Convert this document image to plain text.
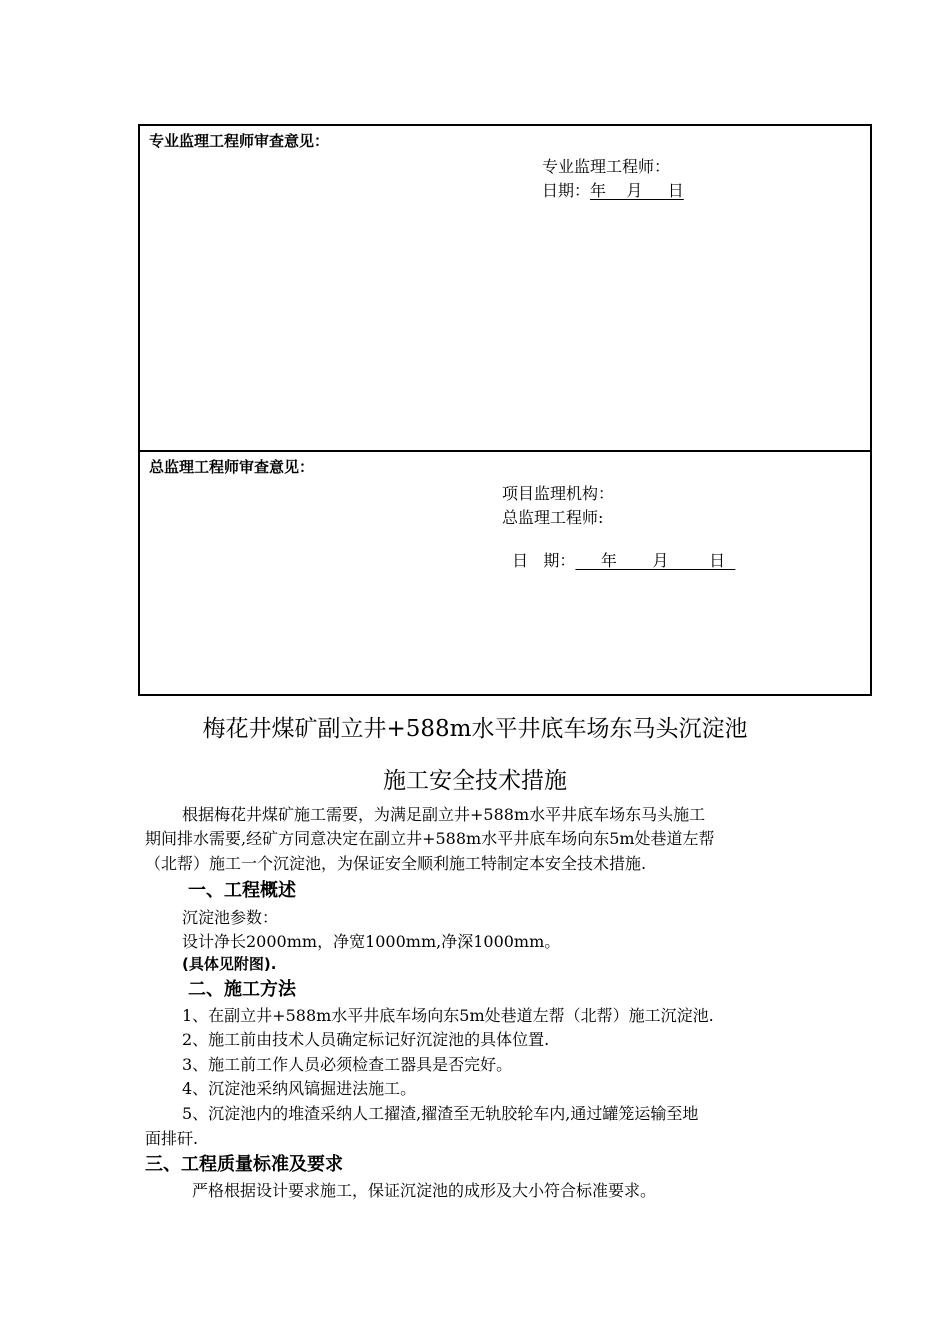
专业监理工程师审查意见：
专业监理工程师：
日期：年    月     日
总监理工程师审查意见：
项目监理机构：
总监理工程师:

日   期：     年       月        日

梅花井煤矿副立井+588m水平井底车场东马头沉淀池
施工安全技术措施
根据梅花井煤矿施工需要，为满足副立井+588m水平井底车场东马头施工
期间排水需要,经矿方同意决定在副立井+588m水平井底车场向东5m处巷道左帮
（北帮）施工一个沉淀池，为保证安全顺利施工特制定本安全技术措施.
一、工程概述
沉淀池参数：
设计净长2000mm，净宽1000mm,净深1000mm。
(具体见附图).
二、施工方法
1、在副立井+588m水平井底车场向东5m处巷道左帮（北帮）施工沉淀池.
2、施工前由技术人员确定标记好沉淀池的具体位置.
3、施工前工作人员必须检查工器具是否完好。
4、沉淀池采纳风镐掘进法施工。
5、沉淀池内的堆渣采纳人工擢渣,擢渣至无轨胶轮车内,通过罐笼运输至地
面排矸.
三、工程质量标准及要求
严格根据设计要求施工，保证沉淀池的成形及大小符合标准要求。
